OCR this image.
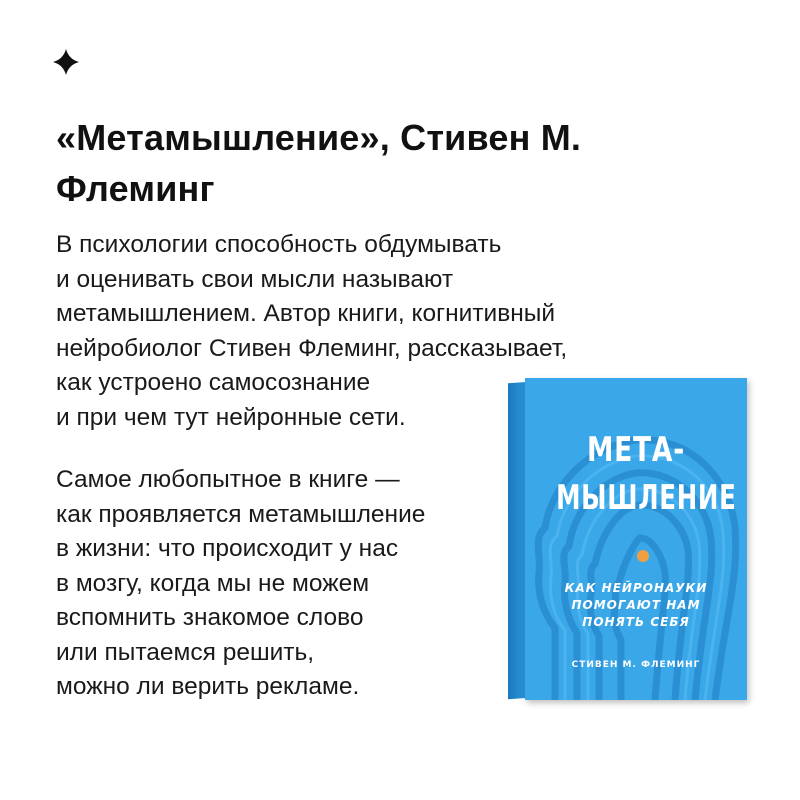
«Метамышление», Стивен М.
Флеминг

В психологии способность обдумывать
и оценивать свои мысли называют
метамышлением. Автор книги, когнитивный
нейробиолог Стивен Флеминг, рассказывает,
как устроено самосознание
и при чем тут нейронные сети.

Самое любопытное в книге —
как проявляется метамышление
в жизни: что происходит у нас
в мозгу, когда мы не можем
вспомнить знакомое слово
или пытаемся решить,
можно ли верить рекламе.

МЕТА-
МЫШЛЕНИЕ
КАК НЕЙРОНАУКИ
ПОМОГАЮТ НАМ
ПОНЯТЬ СЕБЯ
СТИВЕН М. ФЛЕМИНГ
